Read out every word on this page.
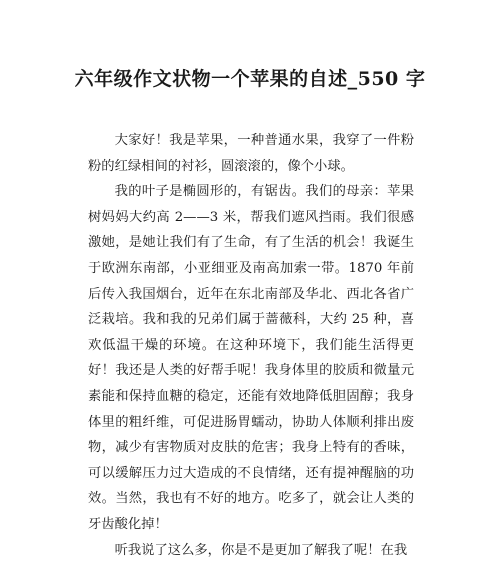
六年级作文状物一个苹果的自述_550 字

大家好！我是苹果，一种普通水果，我穿了一件粉粉的红绿相间的衬衫，圆滚滚的，像个小球。

我的叶子是椭圆形的，有锯齿。我们的母亲：苹果树妈妈大约高 2——3 米，帮我们遮风挡雨。我们很感激她，是她让我们有了生命，有了生活的机会！我诞生于欧洲东南部，小亚细亚及南高加索一带。1870 年前后传入我国烟台，近年在东北南部及华北、西北各省广泛栽培。我和我的兄弟们属于蔷薇科，大约 25 种，喜欢低温干燥的环境。在这种环境下，我们能生活得更好！我还是人类的好帮手呢！我身体里的胶质和微量元素能和保持血糖的稳定，还能有效地降低胆固醇；我身体里的粗纤维，可促进肠胃蠕动，协助人体顺利排出废物，减少有害物质对皮肤的危害；我身上特有的香味，可以缓解压力过大造成的不良情绪，还有提神醒脑的功效。当然，我也有不好的地方。吃多了，就会让人类的牙齿酸化掉！

听我说了这么多，你是不是更加了解我了呢！在我
